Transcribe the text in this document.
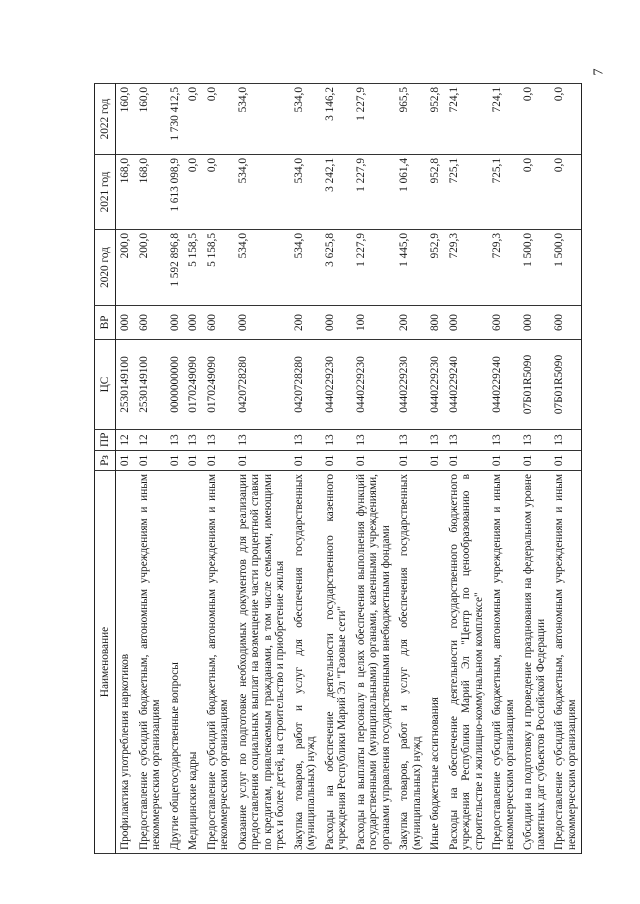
7
Наименование	Рз	ПР	ЦС	ВР	2020 год	2021 год	2022 год
Профилактика употребления наркотиков	01	12	2530149100	000	200,0	168,0	160,0
Предоставление субсидий бюджетным, автономным учреждениям и иным некоммерческим организациям	01	12	2530149100	600	200,0	168,0	160,0
Другие общегосударственные вопросы	01	13	0000000000	000	1 592 896,8	1 613 098,9	1 730 412,5
Медицинские кадры	01	13	0170249090	000	5 158,5	0,0	0,0
Предоставление субсидий бюджетным, автономным учреждениям и иным некоммерческим организациям	01	13	0170249090	600	5 158,5	0,0	0,0
Оказание услуг по подготовке необходимых документов для реализации предоставления социальных выплат на возмещение части процентной ставки по кредитам, привлекаемым гражданами, в том числе семьями, имеющими трех и более детей, на строительство и приобретение жилья	01	13	0420728280	000	534,0	534,0	534,0
Закупка товаров, работ и услуг для обеспечения государственных (муниципальных) нужд	01	13	0420728280	200	534,0	534,0	534,0
Расходы на обеспечение деятельности государственного казенного учреждения Республики Марий Эл "Газовые сети"	01	13	0440229230	000	3 625,8	3 242,1	3 146,2
Расходы на выплаты персоналу в целях обеспечения выполнения функций государственными (муниципальными) органами, казенными учреждениями, органами управления государственными внебюджетными фондами	01	13	0440229230	100	1 227,9	1 227,9	1 227,9
Закупка товаров, работ и услуг для обеспечения государственных (муниципальных) нужд	01	13	0440229230	200	1 445,0	1 061,4	965,5
Иные бюджетные ассигнования	01	13	0440229230	800	952,9	952,8	952,8
Расходы на обеспечение деятельности государственного бюджетного учреждения Республики Марий Эл "Центр по ценообразованию в строительстве и жилищно-коммунальном комплексе"	01	13	0440229240	000	729,3	725,1	724,1
Предоставление субсидий бюджетным, автономным учреждениям и иным некоммерческим организациям	01	13	0440229240	600	729,3	725,1	724,1
Субсидии на подготовку и проведение празднования на федеральном уровне памятных дат субъектов Российской Федерации	01	13	07Б01R5090	000	1 500,0	0,0	0,0
Предоставление субсидий бюджетным, автономным учреждениям и иным некоммерческим организациям	01	13	07Б01R5090	600	1 500,0	0,0	0,0
